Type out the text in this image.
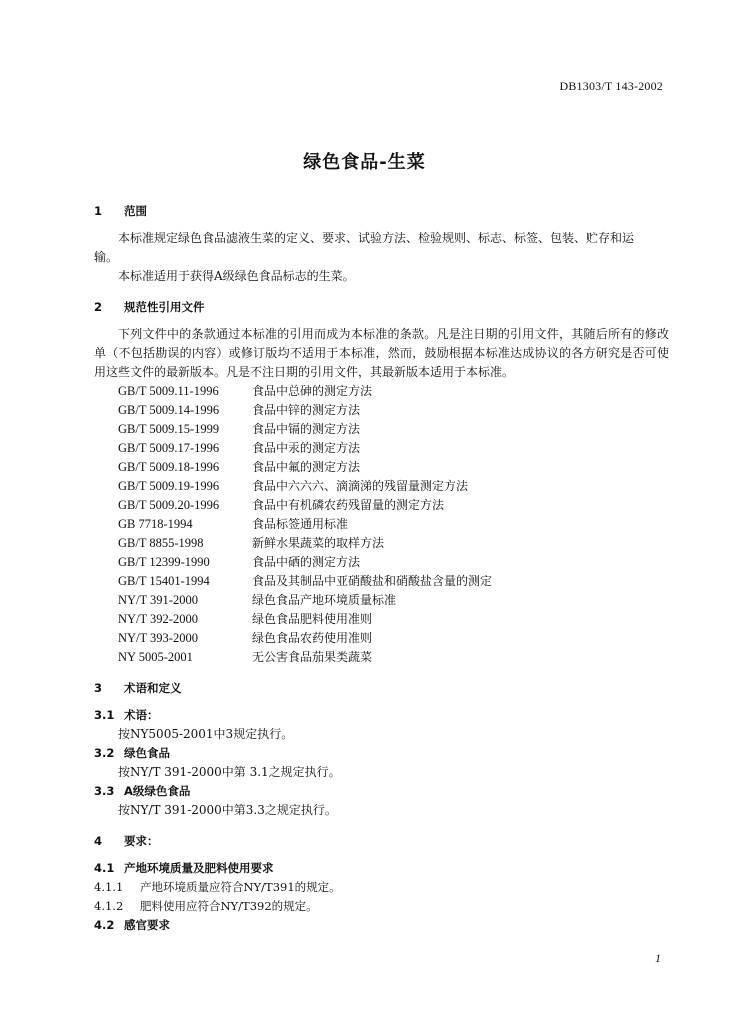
DB1303/T 143-2002
绿色食品-生菜

1 范围

本标准规定绿色食品滤液生菜的定义、要求、试验方法、检验规则、标志、标签、包装、贮存和运

输。

本标准适用于获得A级绿色食品标志的生菜。

2 规范性引用文件

下列文件中的条款通过本标准的引用而成为本标准的条款。凡是注日期的引用文件，其随后所有的修改单（不包括勘误的内容）或修订版均不适用于本标准，然而，鼓励根据本标准达成协议的各方研究是否可使用这些文件的最新版本。凡是不注日期的引用文件，其最新版本适用于本标准。

GB/T 5009.11-1996	食品中总砷的测定方法
GB/T 5009.14-1996	食品中锌的测定方法
GB/T 5009.15-1999	食品中镉的测定方法
GB/T 5009.17-1996	食品中汞的测定方法
GB/T 5009.18-1996	食品中氟的测定方法
GB/T 5009.19-1996	食品中六六六、滴滴涕的残留量测定方法
GB/T 5009.20-1996	食品中有机磷农药残留量的测定方法
GB 7718-1994	食品标签通用标准
GB/T 8855-1998	新鲜水果蔬菜的取样方法
GB/T 12399-1990	食品中硒的测定方法
GB/T 15401-1994	食品及其制品中亚硝酸盐和硝酸盐含量的测定
NY/T 391-2000	绿色食品产地环境质量标准
NY/T 392-2000	绿色食品肥料使用准则
NY/T 393-2000	绿色食品农药使用准则
NY 5005-2001	无公害食品茄果类蔬菜

3 术语和定义

3.1 术语：

按NY5005-2001中3规定执行。

3.2 绿色食品

按NY/T 391-2000中第 3.1之规定执行。

3.3 A级绿色食品

按NY/T 391-2000中第3.3之规定执行。

4 要求：

4.1 产地环境质量及肥料使用要求

4.1.1 产地环境质量应符合NY/T391的规定。

4.1.2 肥料使用应符合NY/T392的规定。

4.2 感官要求

1
